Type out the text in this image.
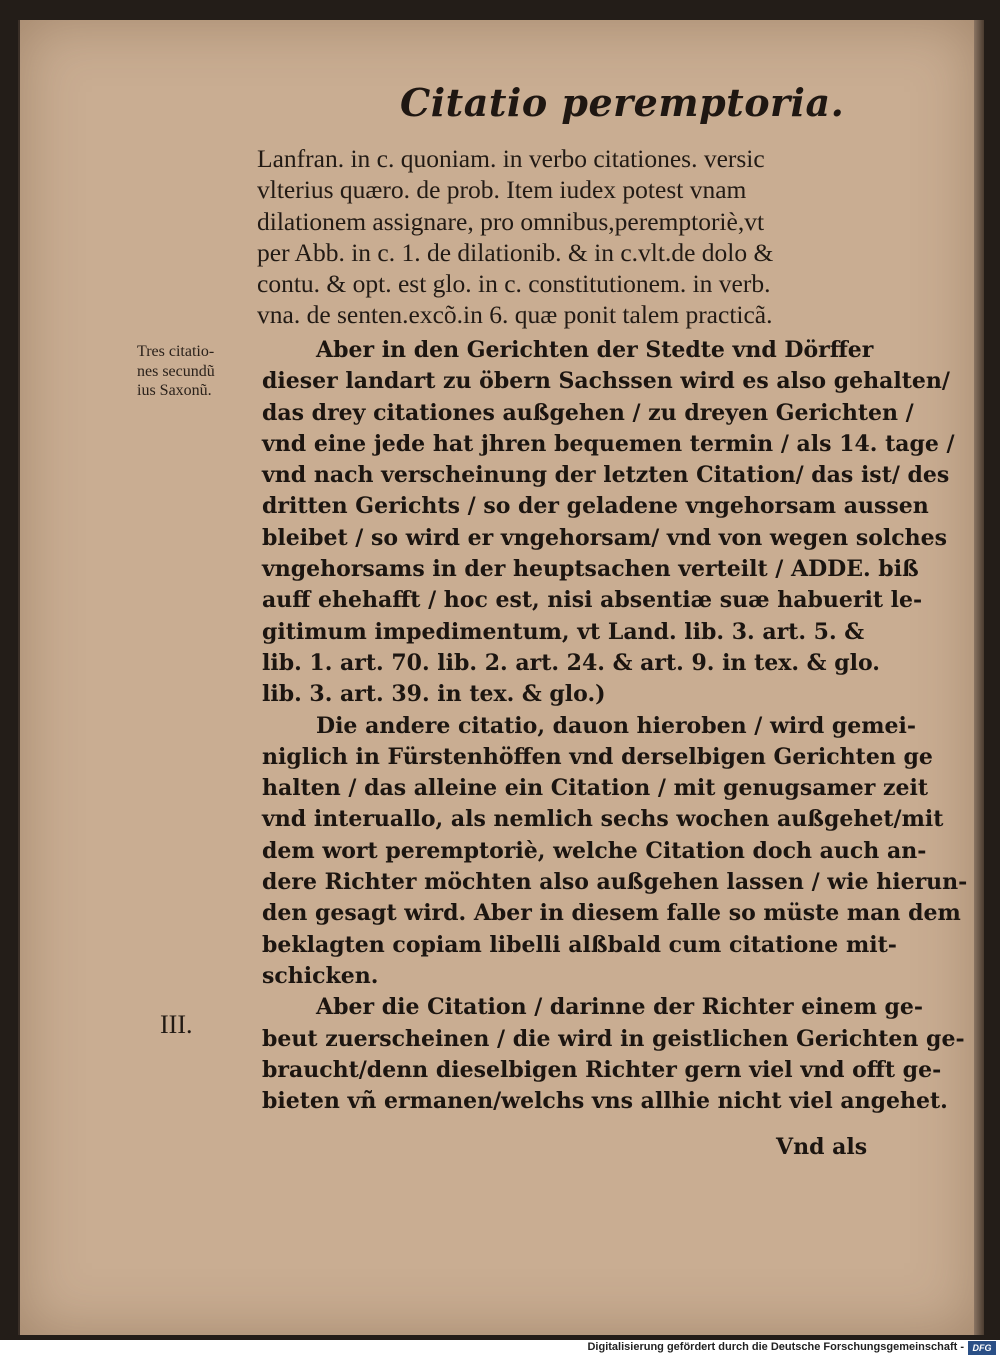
Citatio peremptoria.
Lanfran. in c. quoniam. in verbo citationes. versic
vlterius quæro. de prob. Item iudex potest vnam
dilationem assignare, pro omnibus,peremptoriè,vt
per Abb. in c. 1. de dilationib. & in c.vlt.de dolo &
contu. & opt. est glo. in c. constitutionem. in verb.
vna. de senten.excõ.in 6. quæ ponit talem practicã.
Tres citatio-
nes secundũ
ius Saxonũ.
Aber in den Gerichten der Stedte vnd Dörffer
dieser landart zu öbern Sachssen wird es also gehalten/
das drey citationes außgehen / zu dreyen Gerichten /
vnd eine jede hat jhren bequemen termin / als 14. tage /
vnd nach verscheinung der letzten Citation/ das ist/ des
dritten Gerichts / so der geladene vngehorsam aussen
bleibet / so wird er vngehorsam/ vnd von wegen solches
vngehorsams in der heuptsachen verteilt / ADDE. biß
auff ehehafft / hoc est, nisi absentiæ suæ habuerit le-
gitimum impedimentum, vt Land. lib. 3. art. 5. &
lib. 1. art. 70. lib. 2. art. 24. & art. 9. in tex. & glo.
lib. 3. art. 39. in tex. & glo.)
Die andere citatio, dauon hieroben / wird gemei-
niglich in Fürstenhöffen vnd derselbigen Gerichten ge
halten / das alleine ein Citation / mit genugsamer zeit
vnd interuallo, als nemlich sechs wochen außgehet/mit
dem wort peremptoriè, welche Citation doch auch an-
dere Richter möchten also außgehen lassen / wie hierun-
den gesagt wird. Aber in diesem falle so müste man dem
beklagten copiam libelli alßbald cum citatione mit-
schicken.
Aber die Citation / darinne der Richter einem ge-
beut zuerscheinen / die wird in geistlichen Gerichten ge-
braucht/denn dieselbigen Richter gern viel vnd offt ge-
bieten vñ ermanen/welchs vns allhie nicht viel angehet.
III.
Vnd als
Digitalisierung gefördert durch die Deutsche Forschungsgemeinschaft - DFG
